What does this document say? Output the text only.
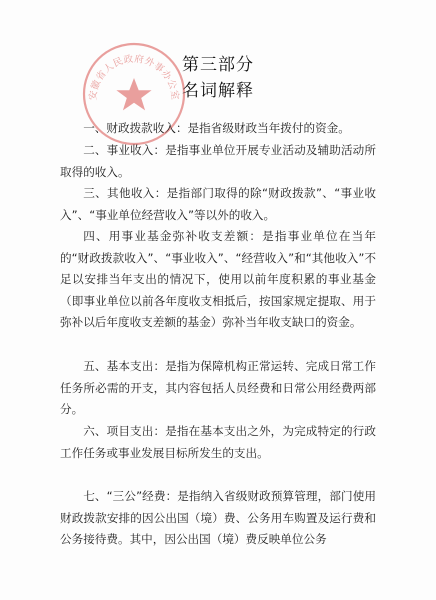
安徽省人民政府外事办公室
第三部分
名词解释

一、财政拨款收入：是指省级财政当年拨付的资金。

二、事业收入：是指事业单位开展专业活动及辅助活动所取得的收入。

三、其他收入：是指部门取得的除“财政拨款”、“事业收入”、“事业单位经营收入”等以外的收入。

四、用事业基金弥补收支差额：是指事业单位在当年的“财政拨款收入”、“事业收入”、“经营收入”和“其他收入”不足以安排当年支出的情况下，使用以前年度积累的事业基金（即事业单位以前各年度收支相抵后，按国家规定提取、用于弥补以后年度收支差额的基金）弥补当年收支缺口的资金。

五、基本支出：是指为保障机构正常运转、完成日常工作任务所必需的开支，其内容包括人员经费和日常公用经费两部分。

六、项目支出：是指在基本支出之外，为完成特定的行政工作任务或事业发展目标所发生的支出。

七、“三公”经费：是指纳入省级财政预算管理，部门使用财政拨款安排的因公出国（境）费、公务用车购置及运行费和公务接待费。其中，因公出国（境）费反映单位公务
